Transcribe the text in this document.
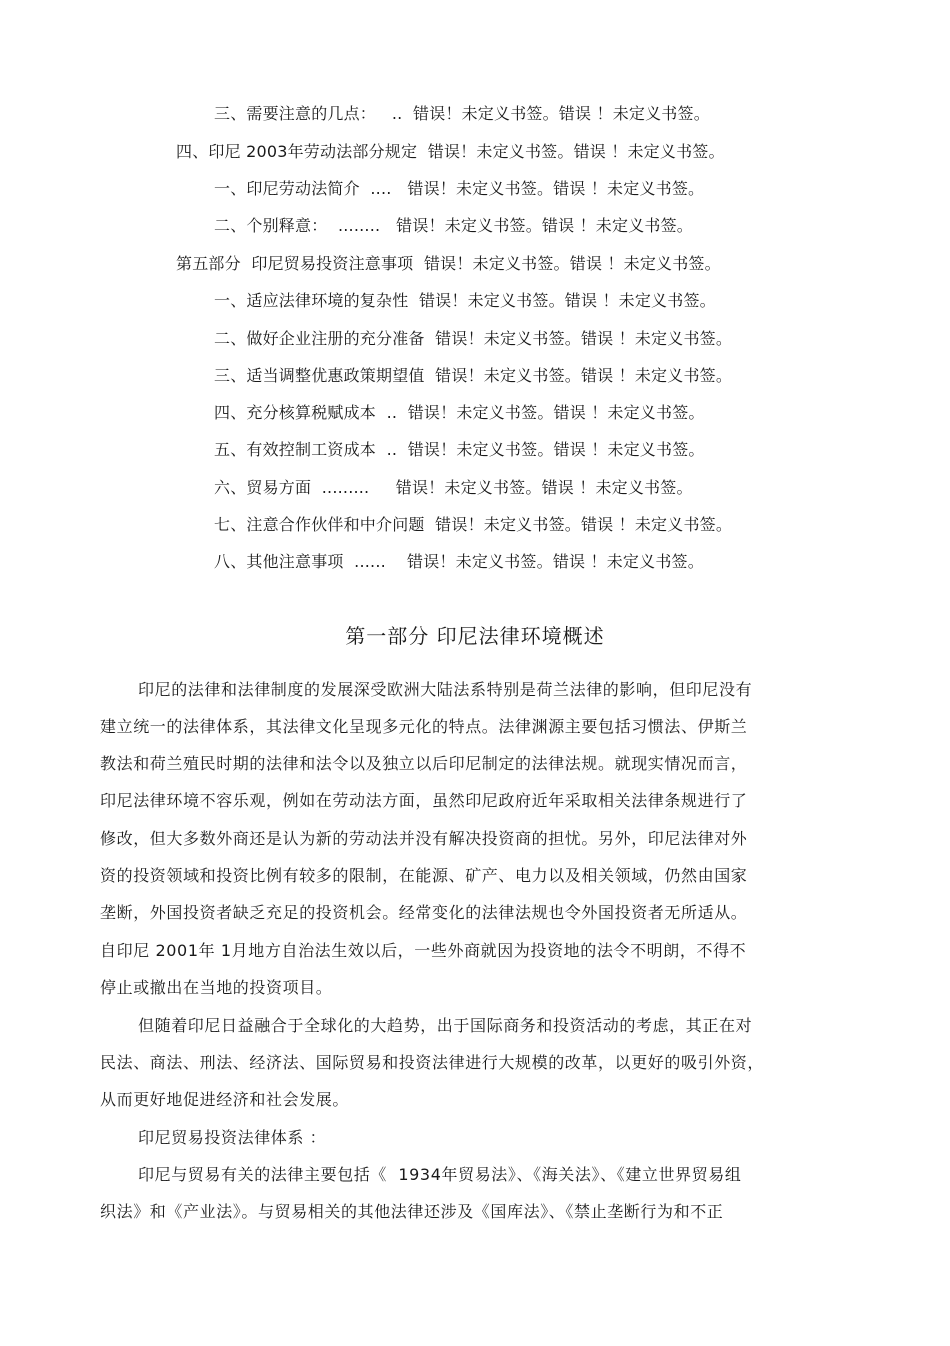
三、需要注意的几点：   ..  错误！未定义书签。错误 ！未定义书签。
四、印尼 2003年劳动法部分规定  错误！未定义书签。错误 ！未定义书签。
一、印尼劳动法简介  ....   错误！未定义书签。错误 ！未定义书签。
二、个别释意：  ........   错误！未定义书签。错误 ！未定义书签。
第五部分  印尼贸易投资注意事项  错误！未定义书签。错误 ！未定义书签。
一、适应法律环境的复杂性  错误！未定义书签。错误 ！未定义书签。
二、做好企业注册的充分准备  错误！未定义书签。错误 ！未定义书签。
三、适当调整优惠政策期望值  错误！未定义书签。错误 ！未定义书签。
四、充分核算税赋成本  ..  错误！未定义书签。错误 ！未定义书签。
五、有效控制工资成本  ..  错误！未定义书签。错误 ！未定义书签。
六、贸易方面  .........     错误！未定义书签。错误 ！未定义书签。
七、注意合作伙伴和中介问题  错误！未定义书签。错误 ！未定义书签。
八、其他注意事项  ......    错误！未定义书签。错误 ！未定义书签。
第一部分 印尼法律环境概述
印尼的法律和法律制度的发展深受欧洲大陆法系特别是荷兰法律的影响，但印尼没有
建立统一的法律体系，其法律文化呈现多元化的特点。法律渊源主要包括习惯法、伊斯兰
教法和荷兰殖民时期的法律和法令以及独立以后印尼制定的法律法规。就现实情况而言，
印尼法律环境不容乐观，例如在劳动法方面，虽然印尼政府近年采取相关法律条规进行了
修改，但大多数外商还是认为新的劳动法并没有解决投资商的担忧。另外，印尼法律对外
资的投资领域和投资比例有较多的限制，在能源、矿产、电力以及相关领域，仍然由国家
垄断，外国投资者缺乏充足的投资机会。经常变化的法律法规也令外国投资者无所适从。
自印尼 2001年 1月地方自治法生效以后，一些外商就因为投资地的法令不明朗，不得不
停止或撤出在当地的投资项目。
但随着印尼日益融合于全球化的大趋势，出于国际商务和投资活动的考虑，其正在对
民法、商法、刑法、经济法、国际贸易和投资法律进行大规模的改革，以更好的吸引外资，
从而更好地促进经济和社会发展。
印尼贸易投资法律体系 ：
印尼与贸易有关的法律主要包括《  1934年贸易法》、《海关法》、《建立世界贸易组
织法》和《产业法》。与贸易相关的其他法律还涉及《国库法》、《禁止垄断行为和不正
